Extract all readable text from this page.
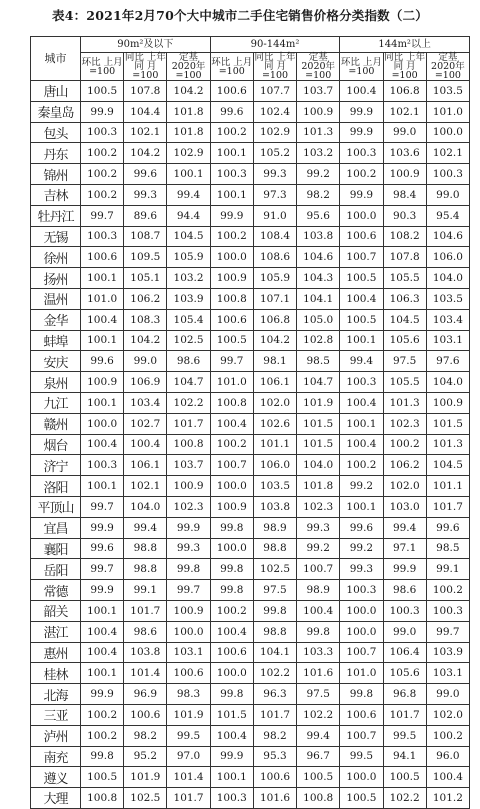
表4：2021年2月70个大中城市二手住宅销售价格分类指数（二）
城市	90m²及以下			90-144m²			144m²以上		
	环比 上月 =100	同比 上年同 月=100	定基 2020年 =100	环比 上月 =100	同比 上年同 月=100	定基 2020年 =100	环比 上月 =100	同比 上年同 月=100	定基 2020年 =100
唐山	100.5	107.8	104.2	100.6	107.7	103.7	100.4	106.8	103.5
秦皇岛	99.9	104.4	101.8	99.6	102.4	100.9	99.9	102.1	101.0
包头	100.3	102.1	101.8	100.2	102.9	101.3	99.9	99.0	100.0
丹东	100.2	104.2	102.9	100.1	105.2	103.2	100.3	103.6	102.1
锦州	100.2	99.6	100.1	100.3	99.3	99.2	100.2	100.9	100.3
吉林	100.2	99.3	99.4	100.1	97.3	98.2	99.9	98.4	99.0
牡丹江	99.7	89.6	94.4	99.9	91.0	95.6	100.0	90.3	95.4
无锡	100.3	108.7	104.5	100.2	108.4	103.8	100.6	108.2	104.6
徐州	100.6	109.5	105.9	100.0	108.6	104.6	100.7	107.8	106.0
扬州	100.1	105.1	103.2	100.9	105.9	104.3	100.5	105.5	104.0
温州	101.0	106.2	103.9	100.8	107.1	104.1	100.4	106.3	103.5
金华	100.4	108.3	105.4	100.6	106.8	105.0	100.5	104.5	103.4
蚌埠	100.1	104.2	102.5	100.5	104.2	102.8	100.1	105.6	103.1
安庆	99.6	99.0	98.6	99.7	98.1	98.5	99.4	97.5	97.6
泉州	100.9	106.9	104.7	101.0	106.1	104.7	100.3	105.5	104.0
九江	100.1	103.4	102.2	100.8	102.0	101.9	100.4	101.3	100.9
赣州	100.0	102.7	101.7	100.4	102.6	101.5	100.1	102.3	101.5
烟台	100.4	100.4	100.8	100.2	101.1	101.5	100.4	100.2	101.3
济宁	100.3	106.1	103.7	100.7	106.0	104.0	100.2	106.2	104.5
洛阳	100.1	102.1	100.9	100.0	103.5	101.8	99.2	102.0	101.1
平顶山	99.7	104.0	102.3	100.9	103.8	102.3	100.1	103.0	101.7
宜昌	99.9	99.4	99.9	99.8	98.9	99.3	99.6	99.4	99.6
襄阳	99.6	98.8	99.3	100.0	98.8	99.2	99.2	97.1	98.5
岳阳	99.7	98.8	99.8	99.8	102.5	100.7	99.3	99.9	99.1
常德	99.9	99.1	99.7	99.8	97.5	98.9	100.3	98.6	100.2
韶关	100.1	101.7	100.9	100.2	99.8	100.4	100.0	100.3	100.3
湛江	100.4	98.6	100.0	100.4	98.8	99.8	100.0	99.0	99.7
惠州	100.4	103.8	103.1	100.6	104.1	103.3	100.7	106.4	103.9
桂林	100.1	101.4	100.6	100.0	102.2	101.6	101.0	105.6	103.1
北海	99.9	96.9	98.3	99.8	96.3	97.5	99.8	96.8	99.0
三亚	100.2	100.6	101.9	101.5	101.7	102.2	100.6	101.7	102.0
泸州	100.2	98.2	99.5	100.4	98.2	99.4	100.7	99.5	100.2
南充	99.8	95.2	97.0	99.9	95.3	96.7	99.5	94.1	96.0
遵义	100.5	101.9	101.4	100.1	100.6	100.5	100.0	100.5	100.4
大理	100.8	102.5	101.7	100.3	101.6	100.8	100.5	102.2	101.2
